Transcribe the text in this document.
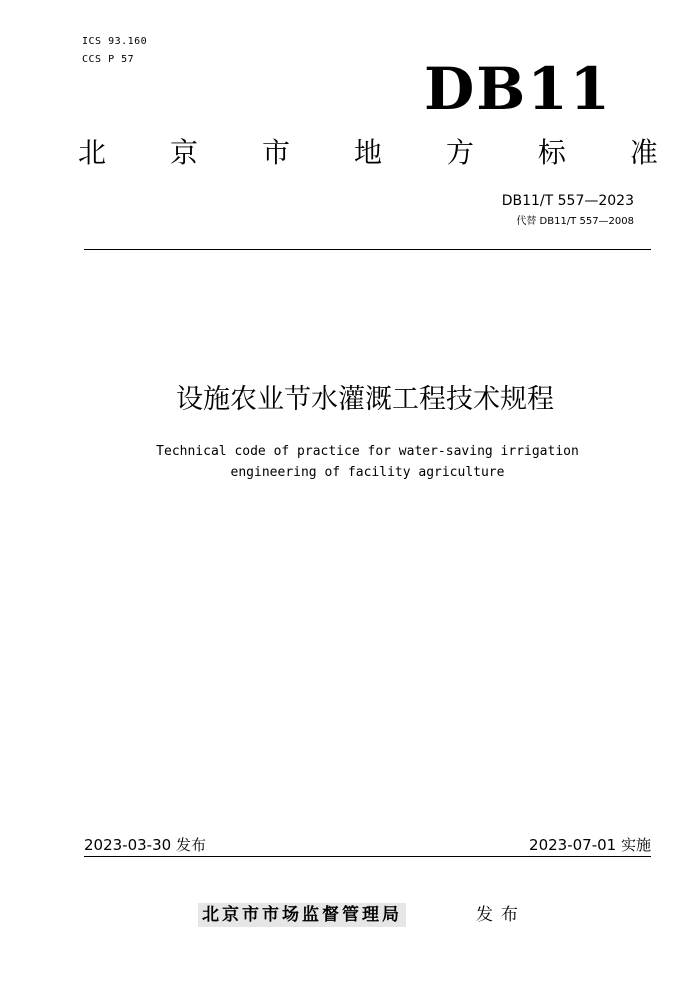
ICS 93.160
CCS P 57	DB11
北 京 市 地 方 标 准
DB11/T 557—2023
代替 DB11/T 557—2008
设施农业节水灌溉工程技术规程
Technical code of practice for water-saving irrigation
engineering of facility agriculture
2023-03-30 发布	2023-07-01 实施
北京市市场监督管理局	发布
